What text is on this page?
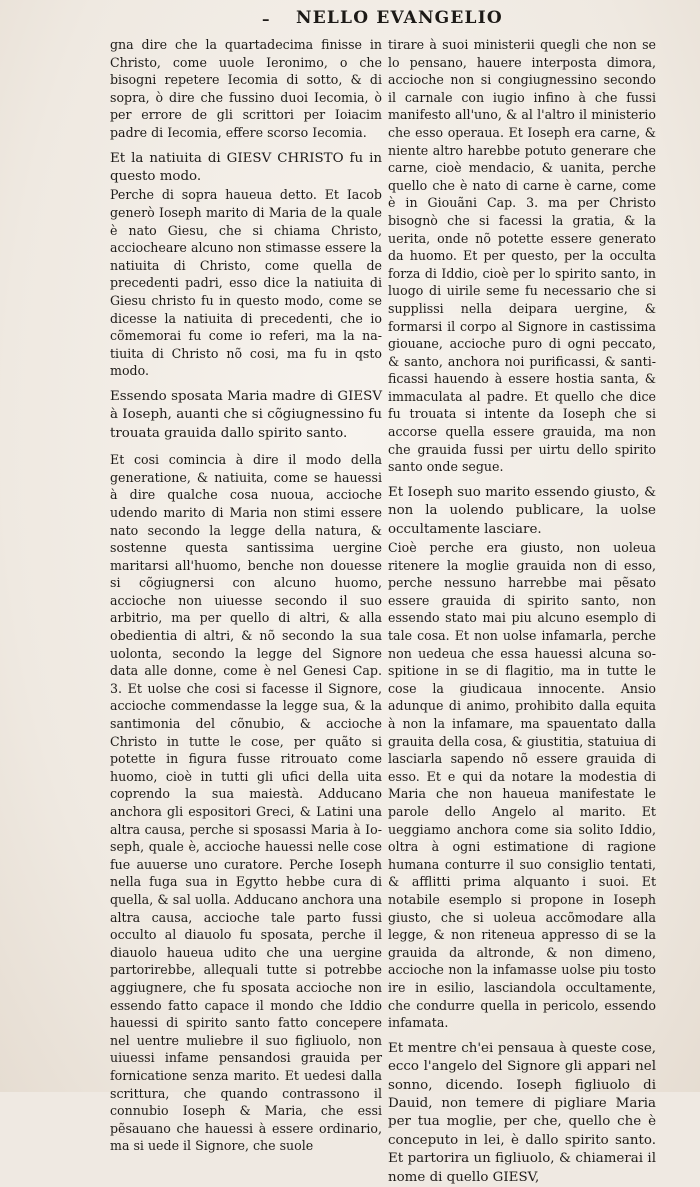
– NELLO EVANGELIO

gna dire che la quartadecima finisse in Christo, come uuole Ieronimo, o che bisogni repetere Iecomia di sotto, & di sopra, ò dire che fussino duoi Iecomia, ò per errore de gli scrittori per Ioiacim padre di Iecomia, effere scorso Iecomia.

Et la natiuita di GIESV CHRISTO fu in questo modo.

Perche di sopra haueua detto. Et Iacob generò Ioseph marito di Maria de la quale è nato Giesu, che si chiama Christo, acciocheare alcuno non stimasse essere la natiuita di Christo, come quella de precedenti padri, esso dice la natiuita di Giesu christo fu in questo modo, come se dicesse la natiuita di precedenti, che io cõmemorai fu come io referi, ma la natiuita di Christo nõ cosi, ma fu in qsto modo.

Essendo sposata Maria madre di GIESV à Ioseph, auanti che si cõgiugnessino fu trouata grauida dallo spirito santo.

Et cosi comincia à dire il modo della generatione, & natiuita, come se hauessi à dire qualche cosa nuoua, accioche udendo marito di Maria non stimi essere nato secondo la legge della natura, & sostenne questa santissima uergine maritarsi all'huomo, benche non douesse si cõgiugnersi con alcuno huomo, accioche non uiuesse secondo il suo arbitrio, ma per quello di altri, & alla obedientia di altri, & nõ secondo la sua uolonta, secondo la legge del Signore data alle donne, come è nel Genesi Cap. 3. Et uolse che cosi si facesse il Signore, accioche commendasse la legge sua, & la santimonia del cõnubio, & accioche Christo in tutte le cose, per quãto si potette in figura fusse ritrouato come huomo, cioè in tutti gli ufici della uita coprendo la sua maiestà. Adducano anchora gli espositori Greci, & Latini una altra causa, perche si sposassi Maria à Ioseph, quale è, accioche hauessi nelle cose fue auuerse uno curatore. Perche Ioseph nella fuga sua in Egytto hebbe cura di quella, & sal uolla. Adducano anchora una altra causa, accioche tale parto fussi occulto al diauolo fu sposata, perche il diauolo haueua udito che una uergine partorirebbe, allequali tutte si potrebbe aggiugnere, che fu sposata accioche non essendo fatto capace il mondo che Iddio hauessi di spirito santo fatto concepere nel uentre muliebre il suo figliuolo, non uiuessi infame pensandosi grauida per fornicatione senza marito. Et uedesi dalla scrittura, che quando contrassono il connubio Ioseph & Maria, che essi pẽsauano che hauessi à essere ordinario, ma si uede il Signore, che suole

tirare à suoi ministerii quegli che non se lo pensano, hauere interposta dimora, accioche non si congiugnessino secondo il carnale con iugio infino à che fussi manifesto all'uno, & al l'altro il ministerio che esso operaua. Et Ioseph era carne, & niente altro harebbe potuto generare che carne, cioè mendacio, & uanita, perche quello che è nato di carne è carne, come è in Giouãni Cap. 3. ma per Christo bisognò che si facessi la gratia, & la uerita, onde nõ potette essere generato da huomo. Et per questo, per la occulta forza di Iddio, cioè per lo spirito santo, in luogo di uirile seme fu necessario che si supplissi nella deipara uergine, & formarsi il corpo al Signore in castissima giouane, accioche puro di ogni peccato, & santo, anchora noi purificassi, & santificassi hauendo à essere hostia santa, & immaculata al padre. Et quello che dice fu trouata si intente da Ioseph che si accorse quella essere grauida, ma non che grauida fussi per uirtu dello spirito santo onde segue.

Et Ioseph suo marito essendo giusto, & non la uolendo publicare, la uolse occultamente lasciare.

Cioè perche era giusto, non uoleua ritenere la moglie grauida non di esso, perche nessuno harrebbe mai pẽsato essere grauida di spirito santo, non essendo stato mai piu alcuno esemplo di tale cosa. Et non uolse infamarla, perche non uedeua che essa hauessi alcuna sospitione in se di flagitio, ma in tutte le cose la giudicaua innocente. Ansio adunque di animo, prohibito dalla equita à non la infamare, ma spauentato dalla grauita della cosa, & giustitia, statuiua di lasciarla sapendo nõ essere grauida di esso. Et e qui da notare la modestia di Maria che non haueua manifestate le parole dello Angelo al marito. Et ueggiamo anchora come sia solito Iddio, oltra à ogni estimatione di ragione humana conturre il suo consiglio tentati, & afflitti prima alquanto i suoi. Et notabile esemplo si propone in Ioseph giusto, che si uoleua accõmodare alla legge, & non riteneua appresso di se la grauida da altronde, & non dimeno, accioche non la infamasse uolse piu tosto ire in esilio, lasciandola occultamente, che condurre quella in pericolo, essendo infamata.

Et mentre ch'ei pensaua à queste cose, ecco l'angelo del Signore gli appari nel sonno, dicendo. Ioseph figliuolo di Dauid, non temere di pigliare Maria per tua moglie, per che, quello che è conceputo in lei, è dallo spirito santo. Et partorira un figliuolo, & chiamerai il nome di quello GIESV,
